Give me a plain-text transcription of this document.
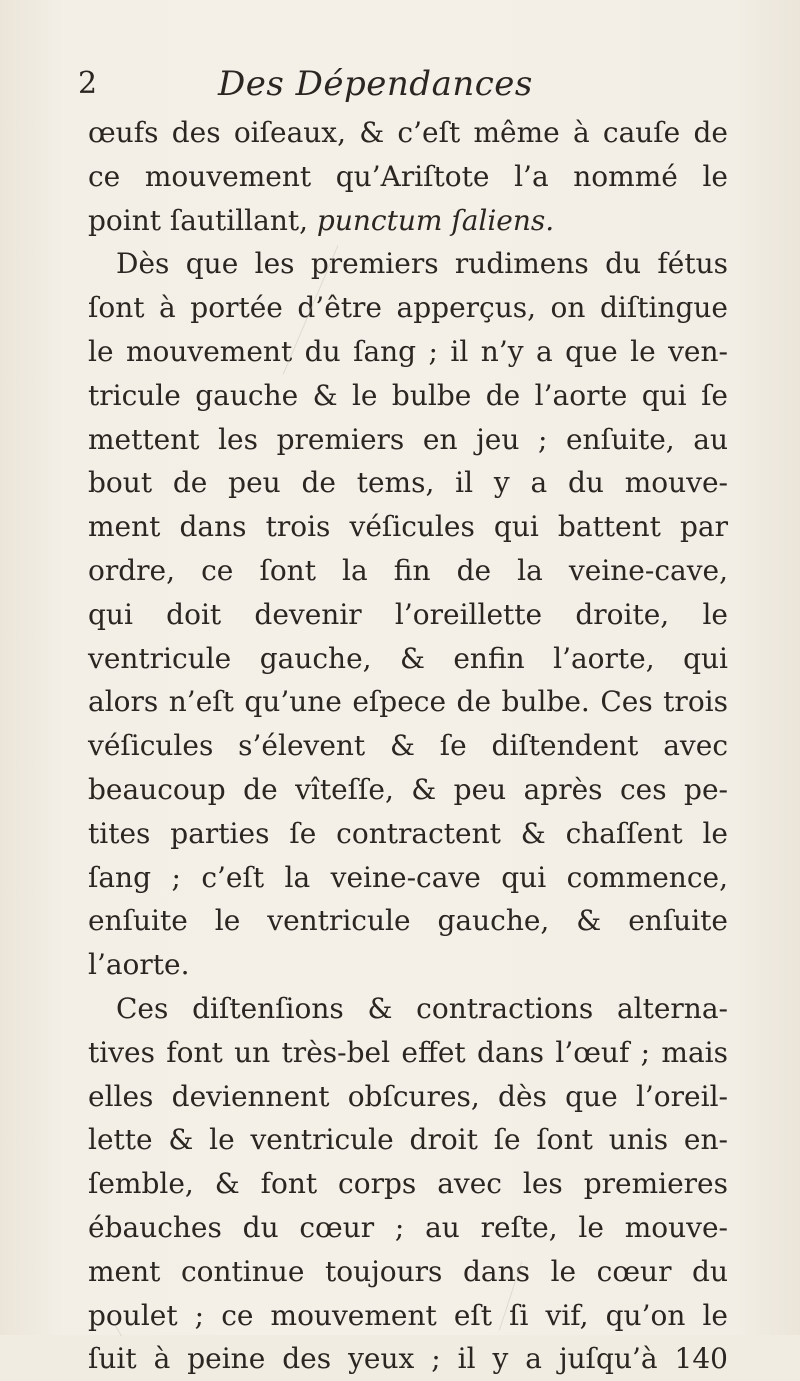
2	Des Dépendances
œufs des oiſeaux, & c’eſt même à cauſe de
ce mouvement qu’Ariſtote l’a nommé le
point ſautillant, punctum ſaliens.
Dès que les premiers rudimens du fétus
ſont à portée d’être apperçus, on diſtingue
le mouvement du ſang ; il n’y a que le ven-
tricule gauche & le bulbe de l’aorte qui ſe
mettent les premiers en jeu ; enſuite, au
bout de peu de tems, il y a du mouve-
ment dans trois véſicules qui battent par
ordre, ce ſont la fin de la veine-cave,
qui doit devenir l’oreillette droite, le
ventricule gauche, & enfin l’aorte, qui
alors n’eſt qu’une eſpece de bulbe. Ces trois
véſicules s’élevent & ſe diſtendent avec
beaucoup de vîteſſe, & peu après ces pe-
tites parties ſe contractent & chaſſent le
ſang ; c’eſt la veine-cave qui commence,
enſuite le ventricule gauche, & enſuite
l’aorte.
Ces diſtenſions & contractions alterna-
tives font un très-bel effet dans l’œuf ; mais
elles deviennent obſcures, dès que l’oreil-
lette & le ventricule droit ſe ſont unis en-
ſemble, & font corps avec les premieres
ébauches du cœur ; au reſte, le mouve-
ment continue toujours dans le cœur du
poulet ; ce mouvement eſt ſi vif, qu’on le
ſuit à peine des yeux ; il y a juſqu’à 140
